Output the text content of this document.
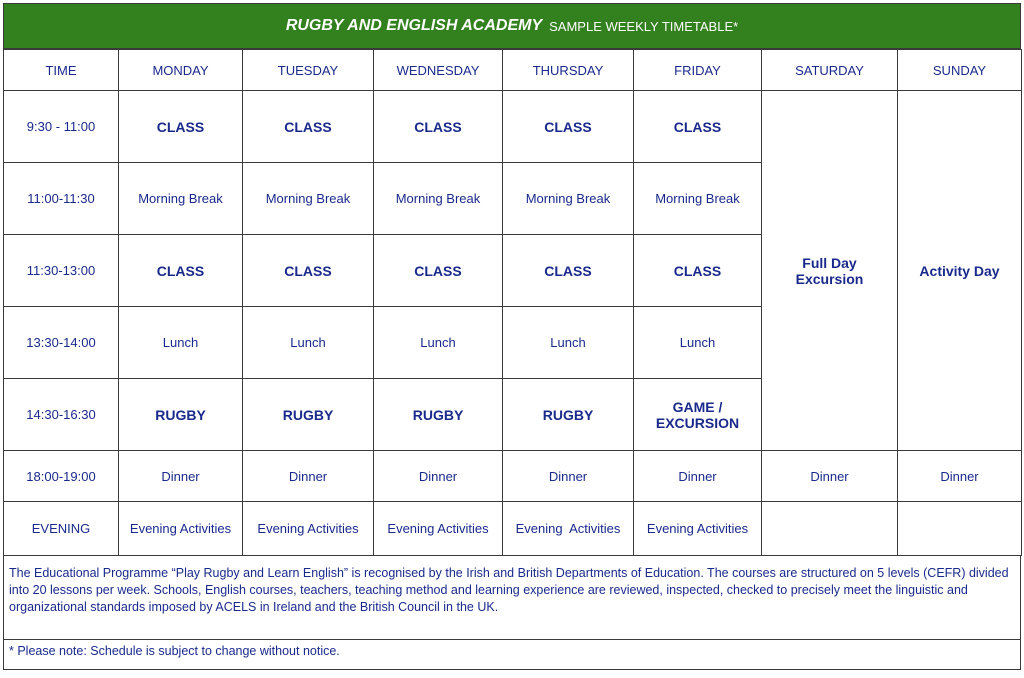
RUGBY AND ENGLISH ACADEMY SAMPLE WEEKLY TIMETABLE*
TIME	MONDAY	TUESDAY	WEDNESDAY	THURSDAY	FRIDAY	SATURDAY	SUNDAY
9:30 - 11:00	CLASS	CLASS	CLASS	CLASS	CLASS	Full Day Excursion	Activity Day
11:00-11:30	Morning Break	Morning Break	Morning Break	Morning Break	Morning Break		
11:30-13:00	CLASS	CLASS	CLASS	CLASS	CLASS		
13:30-14:00	Lunch	Lunch	Lunch	Lunch	Lunch		
14:30-16:30	RUGBY	RUGBY	RUGBY	RUGBY	GAME / EXCURSION		
18:00-19:00	Dinner	Dinner	Dinner	Dinner	Dinner	Dinner	Dinner
EVENING	Evening Activities	Evening Activities	Evening Activities	Evening  Activities	Evening Activities		
The Educational Programme “Play Rugby and Learn English” is recognised by the Irish and British Departments of Education. The courses are structured on 5 levels (CEFR) divided into 20 lessons per week. Schools, English courses, teachers, teaching method and learning experience are reviewed, inspected, checked to precisely meet the linguistic and organizational standards imposed by ACELS in Ireland and the British Council in the UK.
* Please note: Schedule is subject to change without notice.
